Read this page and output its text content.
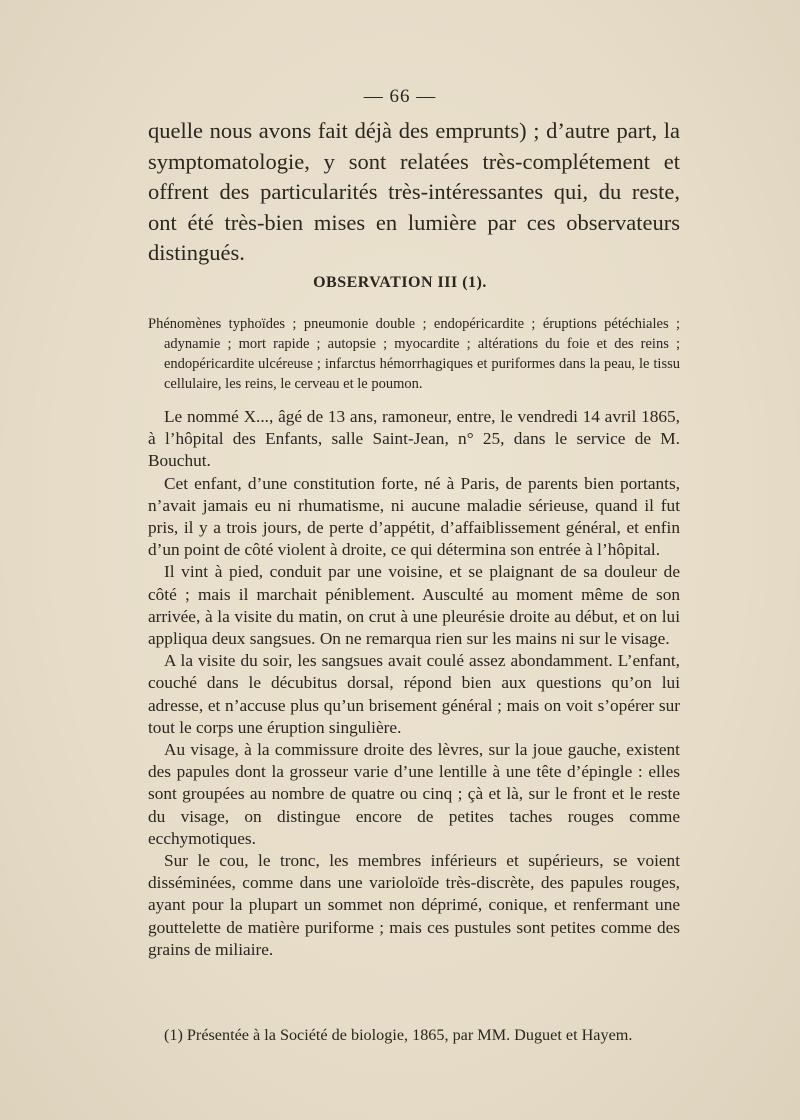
— 66 —

quelle nous avons fait déjà des emprunts) ; d’autre part, la symptomatologie, y sont relatées très-complétement et offrent des particularités très-intéressantes qui, du reste, ont été très-bien mises en lumière par ces observateurs distingués.

OBSERVATION III (1).

Phénomènes typhoïdes ; pneumonie double ; endopéricardite ; éruptions pétéchiales ; adynamie ; mort rapide ; autopsie ; myocardite ; altérations du foie et des reins ; endopéricardite ulcéreuse ; infarctus hémorrhagiques et puriformes dans la peau, le tissu cellulaire, les reins, le cerveau et le poumon.

Le nommé X..., âgé de 13 ans, ramoneur, entre, le vendredi 14 avril 1865, à l’hôpital des Enfants, salle Saint-Jean, n° 25, dans le service de M. Bouchut.

Cet enfant, d’une constitution forte, né à Paris, de parents bien portants, n’avait jamais eu ni rhumatisme, ni aucune maladie sérieuse, quand il fut pris, il y a trois jours, de perte d’appétit, d’affaiblissement général, et enfin d’un point de côté violent à droite, ce qui détermina son entrée à l’hôpital.

Il vint à pied, conduit par une voisine, et se plaignant de sa douleur de côté ; mais il marchait péniblement. Ausculté au moment même de son arrivée, à la visite du matin, on crut à une pleurésie droite au début, et on lui appliqua deux sangsues. On ne remarqua rien sur les mains ni sur le visage.

A la visite du soir, les sangsues avait coulé assez abondamment. L’enfant, couché dans le décubitus dorsal, répond bien aux questions qu’on lui adresse, et n’accuse plus qu’un brisement général ; mais on voit s’opérer sur tout le corps une éruption singulière.

Au visage, à la commissure droite des lèvres, sur la joue gauche, existent des papules dont la grosseur varie d’une lentille à une tête d’épingle : elles sont groupées au nombre de quatre ou cinq ; çà et là, sur le front et le reste du visage, on distingue encore de petites taches rouges comme ecchymotiques.

Sur le cou, le tronc, les membres inférieurs et supérieurs, se voient disséminées, comme dans une varioloïde très-discrète, des papules rouges, ayant pour la plupart un sommet non déprimé, conique, et renfermant une gouttelette de matière puriforme ; mais ces pustules sont petites comme des grains de miliaire.

(1) Présentée à la Société de biologie, 1865, par MM. Duguet et Hayem.
